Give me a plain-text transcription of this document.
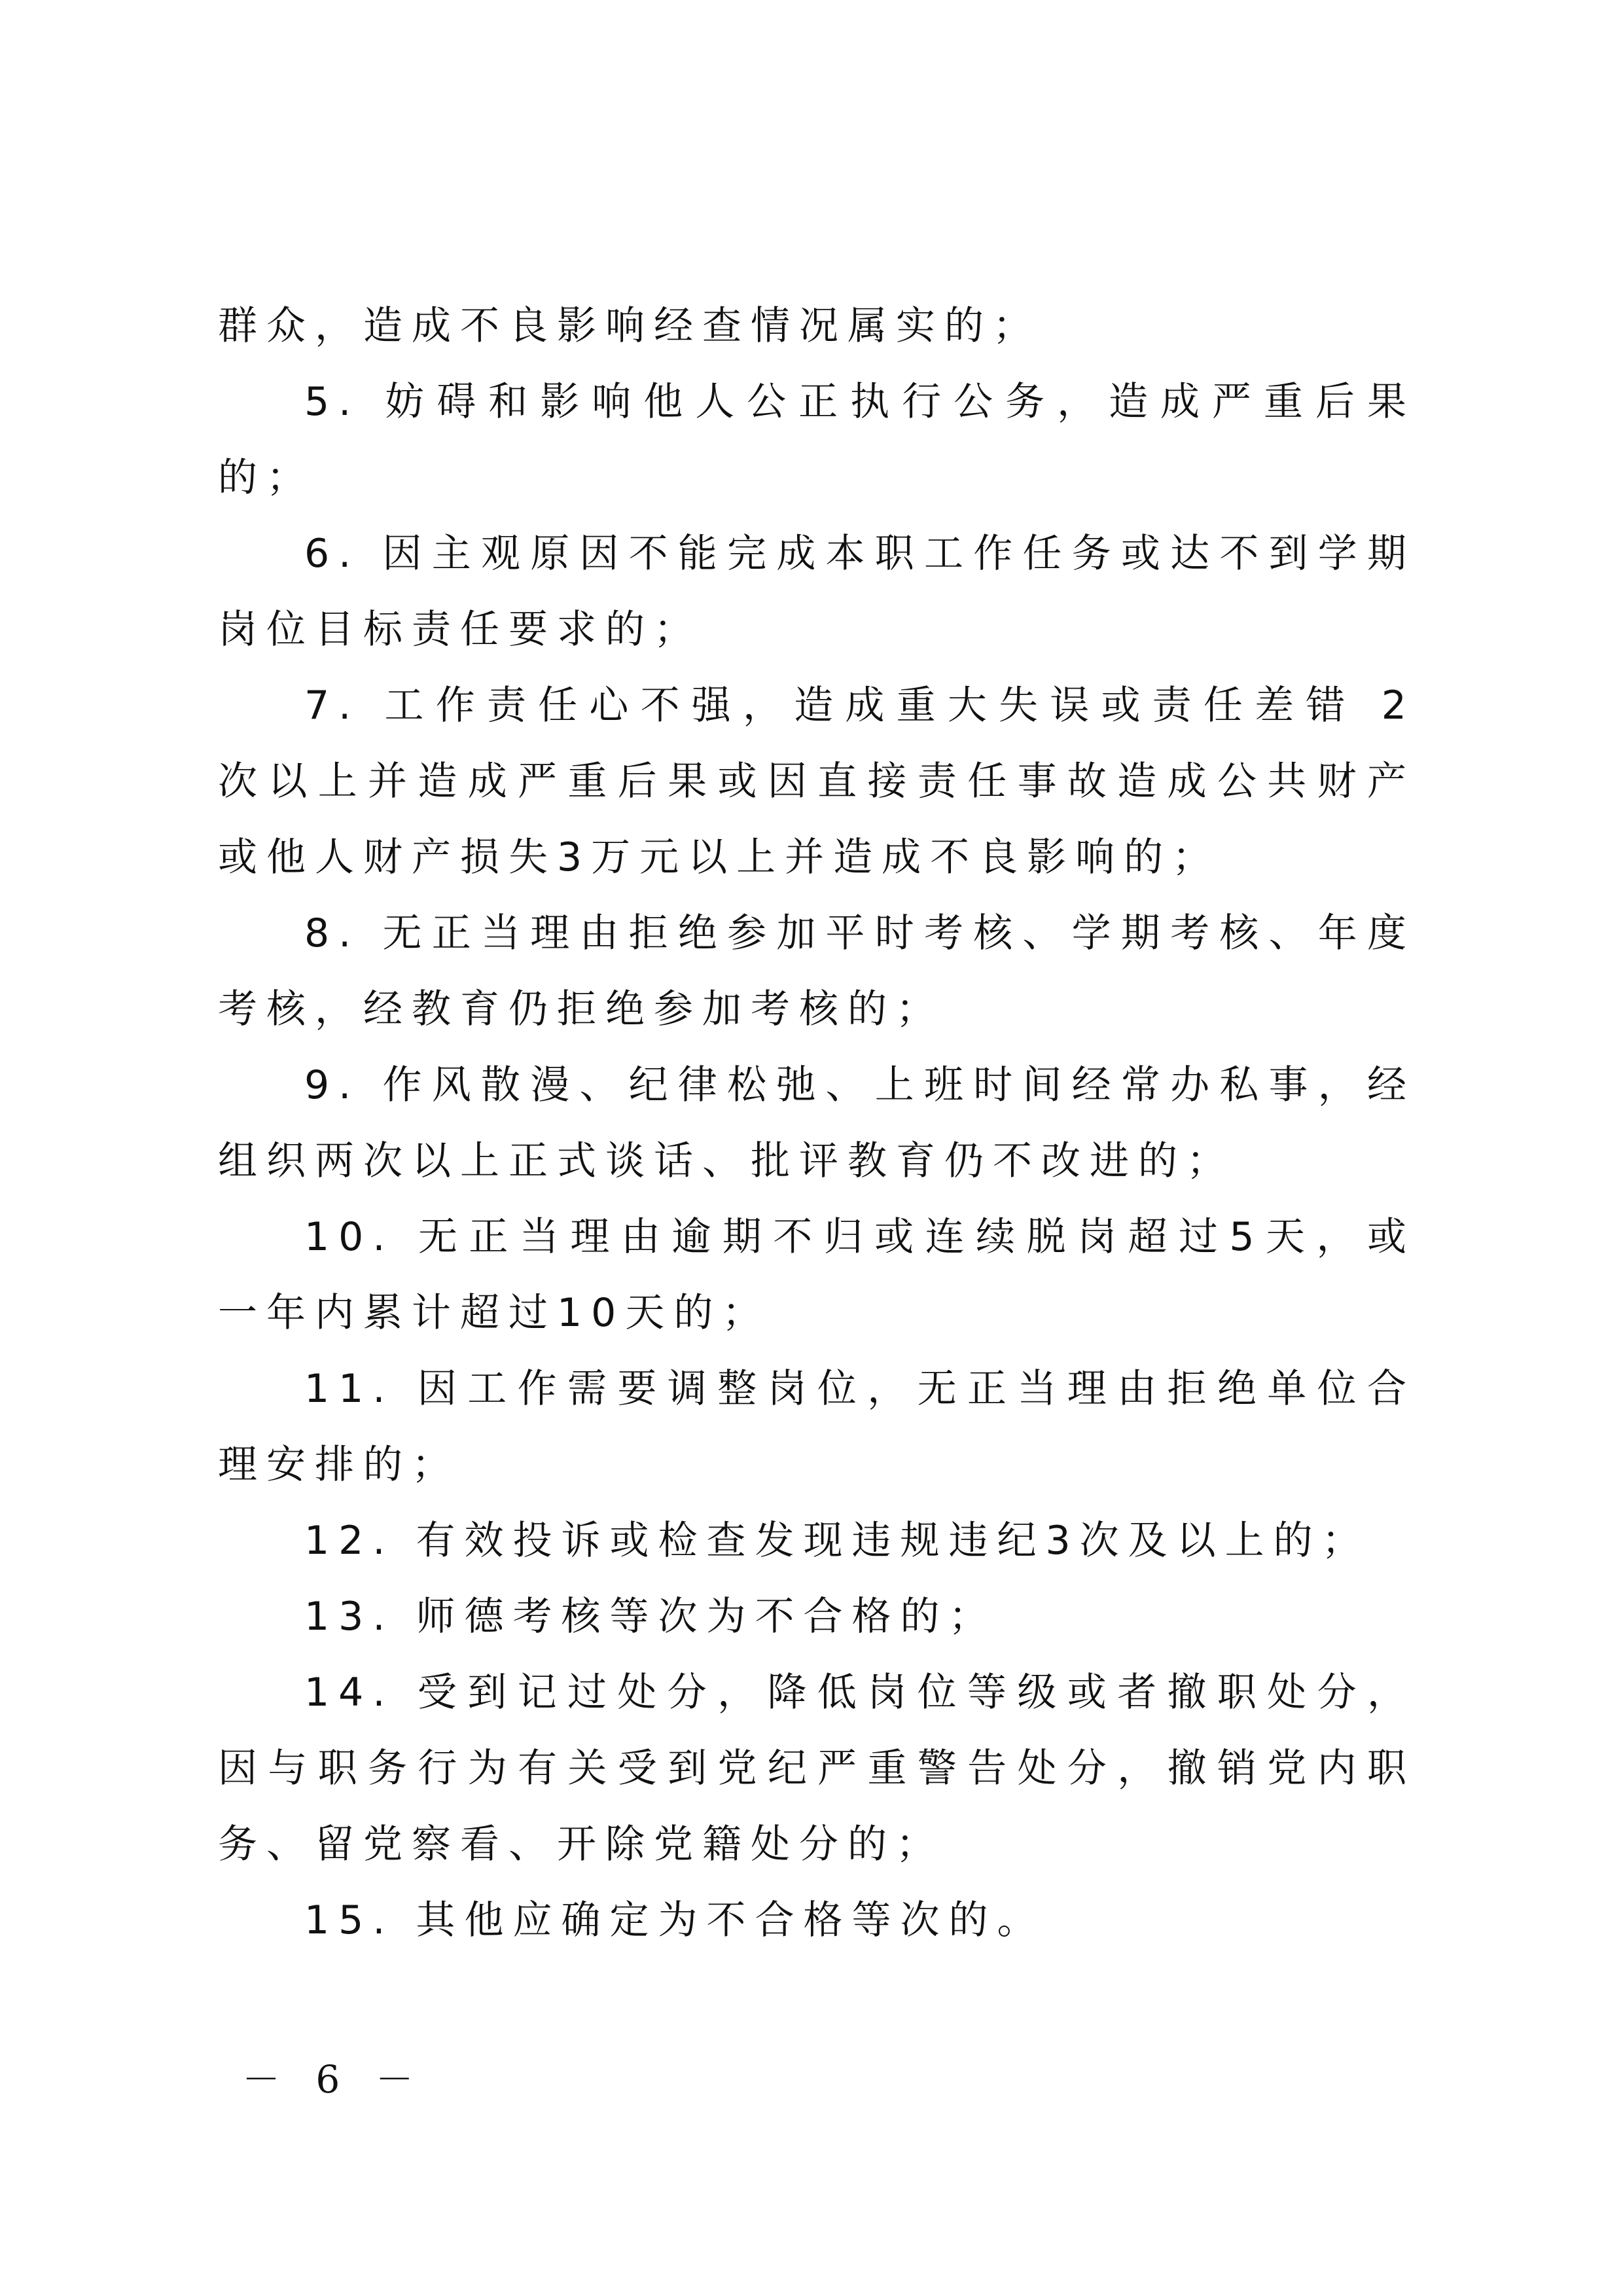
群众，造成不良影响经查情况属实的；

5. 妨碍和影响他人公正执行公务，造成严重后果的；

6. 因主观原因不能完成本职工作任务或达不到学期岗位目标责任要求的；

7. 工作责任心不强，造成重大失误或责任差错 2 次以上并造成严重后果或因直接责任事故造成公共财产或他人财产损失3万元以上并造成不良影响的；

8. 无正当理由拒绝参加平时考核、学期考核、年度考核，经教育仍拒绝参加考核的；

9. 作风散漫、纪律松弛、上班时间经常办私事，经组织两次以上正式谈话、批评教育仍不改进的；

10. 无正当理由逾期不归或连续脱岗超过5天，或一年内累计超过10天的；

11. 因工作需要调整岗位，无正当理由拒绝单位合理安排的；

12. 有效投诉或检查发现违规违纪3次及以上的；

13. 师德考核等次为不合格的；

14. 受到记过处分，降低岗位等级或者撤职处分，因与职务行为有关受到党纪严重警告处分，撤销党内职务、留党察看、开除党籍处分的；

15. 其他应确定为不合格等次的。

－ 6 －
